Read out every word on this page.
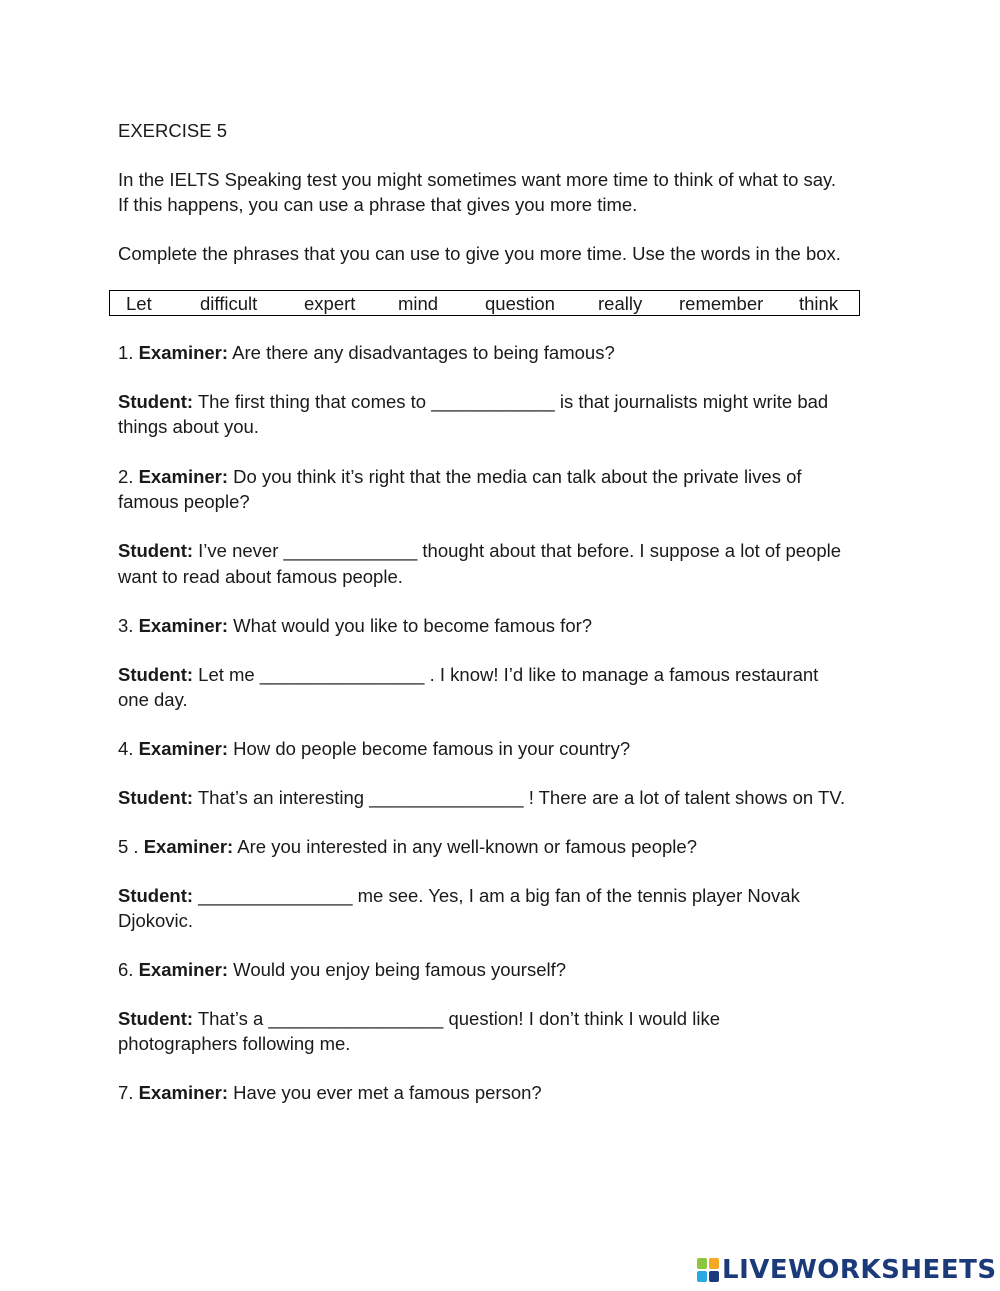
EXERCISE 5
In the IELTS Speaking test you might sometimes want more time to think of what to say.
If this happens, you can use a phrase that gives you more time.
Complete the phrases that you can use to give you more time. Use the words in the box.
Let	difficult	expert mind	question really remember think
1. Examiner: Are there any disadvantages to being famous?
Student: The first thing that comes to ____________ is that journalists might write bad
things about you.
2. Examiner: Do you think it’s right that the media can talk about the private lives of
famous people?
Student: I’ve never _____________ thought about that before. I suppose a lot of people
want to read about famous people.
3. Examiner: What would you like to become famous for?
Student: Let me ________________ . I know! I’d like to manage a famous restaurant
one day.
4. Examiner: How do people become famous in your country?
Student: That’s an interesting _______________ ! There are a lot of talent shows on TV.
5 . Examiner: Are you interested in any well-known or famous people?
Student: _______________ me see. Yes, I am a big fan of the tennis player Novak
Djokovic.
6. Examiner: Would you enjoy being famous yourself?
Student: That’s a _________________ question! I don’t think I would like
photographers following me.
7. Examiner: Have you ever met a famous person?
LIVEWORKSHEETS
